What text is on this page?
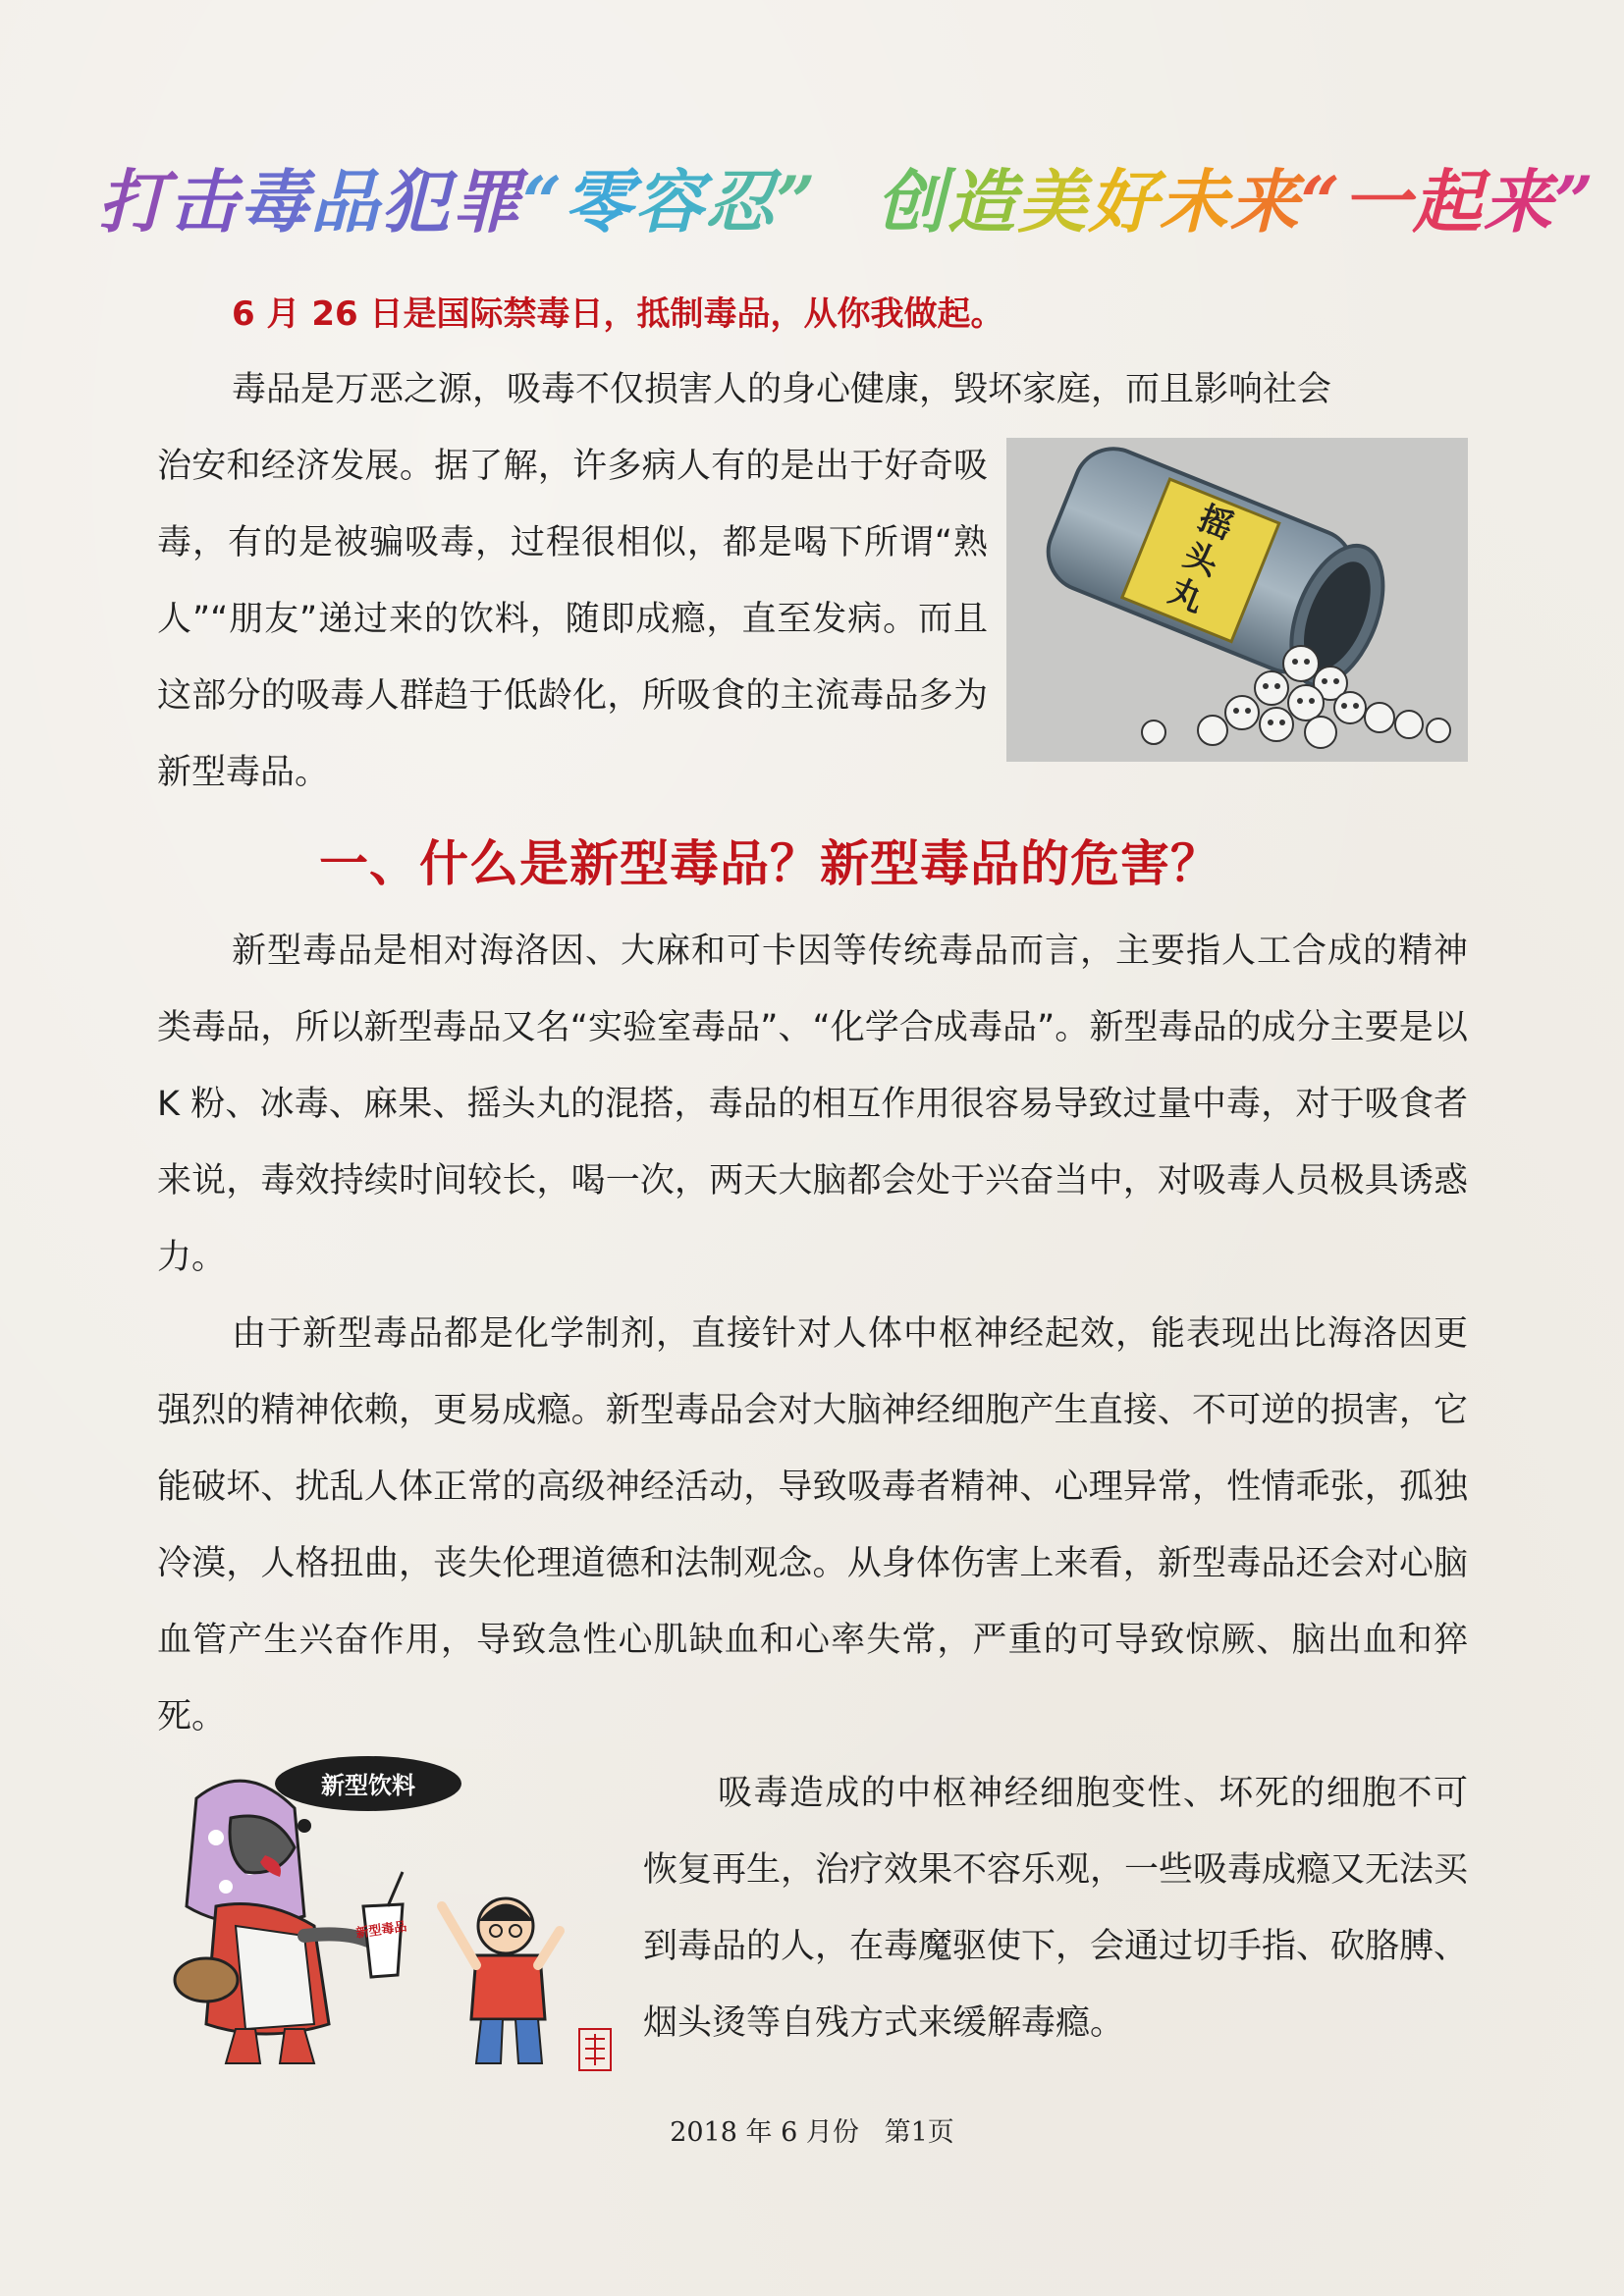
打击毒品犯罪“零容忍” 创造美好未来“一起来”
6 月 26 日是国际禁毒日，抵制毒品，从你我做起。
毒品是万恶之源，吸毒不仅损害人的身心健康，毁坏家庭，而且影响社会
治安和经济发展。据了解，许多病人有的是出于好奇吸毒，有的是被骗吸毒，过程很相似，都是喝下所谓“熟人”“朋友”递过来的饮料，随即成瘾，直至发病。而且这部分的吸毒人群趋于低龄化，所吸食的主流毒品多为新型毒品。
摇
头
丸
一、什么是新型毒品？新型毒品的危害？
新型毒品是相对海洛因、大麻和可卡因等传统毒品而言，主要指人工合成的精神类毒品，所以新型毒品又名“实验室毒品”、“化学合成毒品”。新型毒品的成分主要是以 K 粉、冰毒、麻果、摇头丸的混搭，毒品的相互作用很容易导致过量中毒，对于吸食者来说，毒效持续时间较长，喝一次，两天大脑都会处于兴奋当中，对吸毒人员极具诱惑力。
由于新型毒品都是化学制剂，直接针对人体中枢神经起效，能表现出比海洛因更强烈的精神依赖，更易成瘾。新型毒品会对大脑神经细胞产生直接、不可逆的损害，它能破坏、扰乱人体正常的高级神经活动，导致吸毒者精神、心理异常，性情乖张，孤独冷漠，人格扭曲，丧失伦理道德和法制观念。从身体伤害上来看，新型毒品还会对心脑血管产生兴奋作用，导致急性心肌缺血和心率失常，严重的可导致惊厥、脑出血和猝死。
新型饮料
新型毒品
吸毒造成的中枢神经细胞变性、坏死的细胞不可恢复再生，治疗效果不容乐观，一些吸毒成瘾又无法买到毒品的人，在毒魔驱使下，会通过切手指、砍胳膊、烟头烫等自残方式来缓解毒瘾。
2018 年 6 月份   第1页
